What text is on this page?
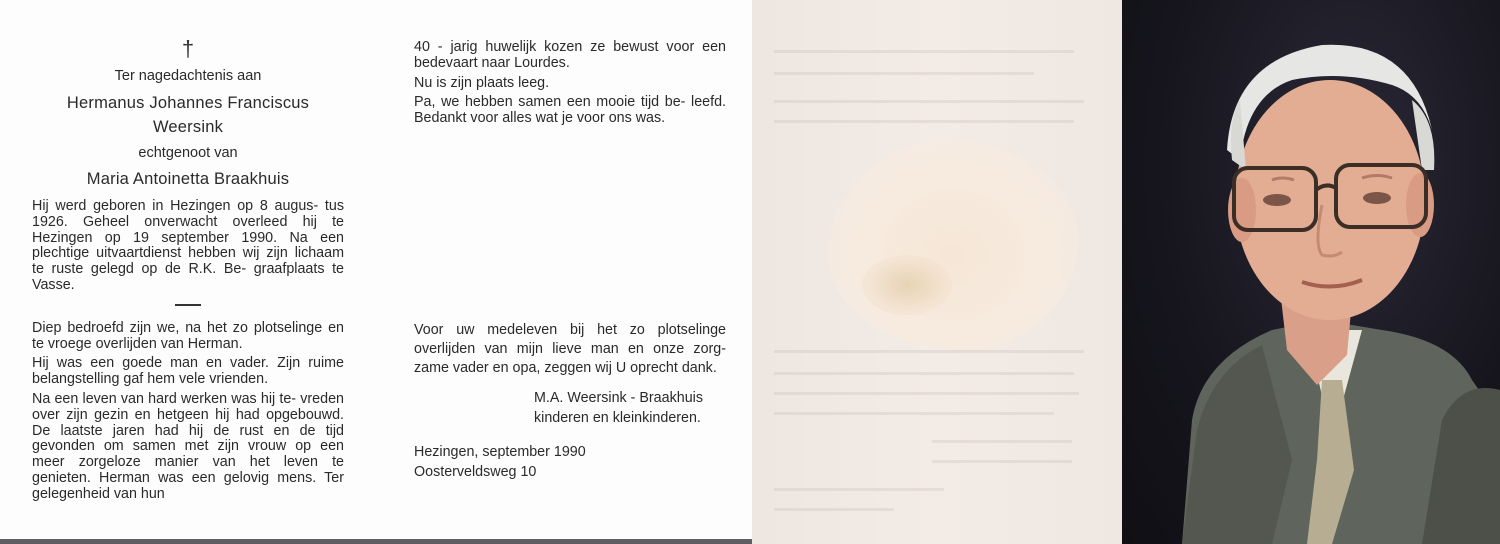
†

Ter nagedachtenis aan

Hermanus Johannes Franciscus

Weersink

echtgenoot van

Maria Antoinetta Braakhuis

Hij werd geboren in Hezingen op 8 augus- tus 1926. Geheel onverwacht overleed hij te Hezingen op 19 september 1990. Na een plechtige uitvaartdienst hebben wij zijn lichaam te ruste gelegd op de R.K. Be- graafplaats te Vasse.

Diep bedroefd zijn we, na het zo plotselinge en te vroege overlijden van Herman.

Hij was een goede man en vader. Zijn ruime belangstelling gaf hem vele vrienden.

Na een leven van hard werken was hij te- vreden over zijn gezin en hetgeen hij had opgebouwd. De laatste jaren had hij de rust en de tijd gevonden om samen met zijn vrouw op een meer zorgeloze manier van het leven te genieten. Herman was een gelovig mens. Ter gelegenheid van hun

40 - jarig huwelijk kozen ze bewust voor een bedevaart naar Lourdes.

Nu is zijn plaats leeg.

Pa, we hebben samen een mooie tijd be- leefd. Bedankt voor alles wat je voor ons was.

Voor uw medeleven bij het zo plotselinge overlijden van mijn lieve man en onze zorg- zame vader en opa, zeggen wij U oprecht dank.

M.A. Weersink - Braakhuis

kinderen en kleinkinderen.

Hezingen, september 1990

Oosterveldsweg 10
